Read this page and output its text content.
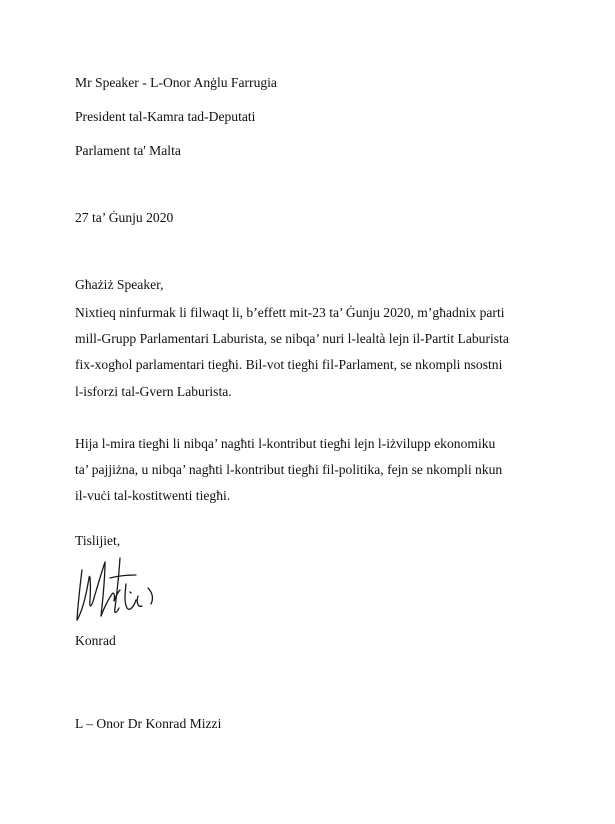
Mr Speaker - L-Onor Anġlu Farrugia
President tal-Kamra tad-Deputati
Parlament ta' Malta
27 ta’ Ġunju 2020
Għażiż Speaker,
Nixtieq ninfurmak li filwaqt li, b’effett mit-23 ta’ Ġunju 2020, m’għadnix parti
mill-Grupp Parlamentari Laburista, se nibqa’ nuri l-lealtà lejn il-Partit Laburista
fix-xogħol parlamentari tiegħi. Bil-vot tiegħi fil-Parlament, se nkompli nsostni
l-isforzi tal-Gvern Laburista.
Hija l-mira tiegħi li nibqa’ nagħti l-kontribut tiegħi lejn l-iżvilupp ekonomiku
ta’ pajjiżna, u nibqa’ nagħti l-kontribut tiegħi fil-politika, fejn se nkompli nkun
il-vuċi tal-kostitwenti tiegħi.
Tislijiet,
Konrad
L – Onor Dr Konrad Mizzi
